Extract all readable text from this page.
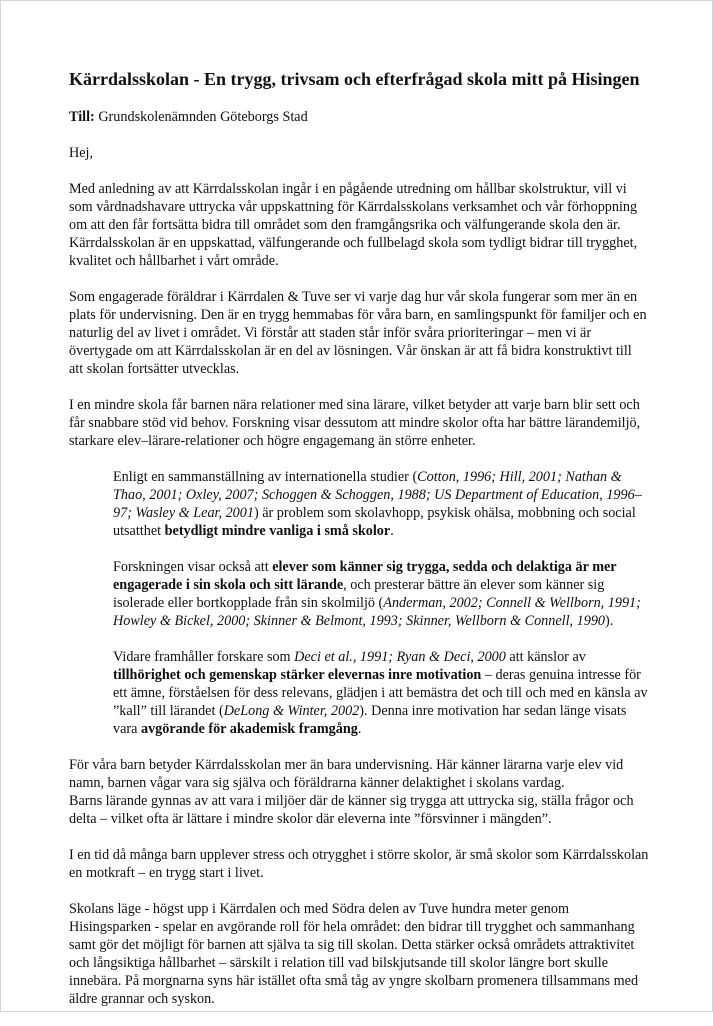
Kärrdalsskolan - En trygg, trivsam och efterfrågad skola mitt på Hisingen

Till: Grundskolenämnden Göteborgs Stad

Hej,

Med anledning av att Kärrdalsskolan ingår i en pågående utredning om hållbar skolstruktur, vill vi som vårdnadshavare uttrycka vår uppskattning för Kärrdalsskolans verksamhet och vår förhoppning om att den får fortsätta bidra till området som den framgångsrika och välfungerande skola den är. Kärrdalsskolan är en uppskattad, välfungerande och fullbelagd skola som tydligt bidrar till trygghet, kvalitet och hållbarhet i vårt område.

Som engagerade föräldrar i Kärrdalen & Tuve ser vi varje dag hur vår skola fungerar som mer än en plats för undervisning. Den är en trygg hemmabas för våra barn, en samlingspunkt för familjer och en naturlig del av livet i området. Vi förstår att staden står inför svåra prioriteringar – men vi är övertygade om att Kärrdalsskolan är en del av lösningen. Vår önskan är att få bidra konstruktivt till att skolan fortsätter utvecklas.

I en mindre skola får barnen nära relationer med sina lärare, vilket betyder att varje barn blir sett och får snabbare stöd vid behov. Forskning visar dessutom att mindre skolor ofta har bättre lärandemiljö, starkare elev–lärare-relationer och högre engagemang än större enheter.

Enligt en sammanställning av internationella studier (Cotton, 1996; Hill, 2001; Nathan & Thao, 2001; Oxley, 2007; Schoggen & Schoggen, 1988; US Department of Education, 1996–97; Wasley & Lear, 2001) är problem som skolavhopp, psykisk ohälsa, mobbning och social utsatthet betydligt mindre vanliga i små skolor.

Forskningen visar också att elever som känner sig trygga, sedda och delaktiga är mer engagerade i sin skola och sitt lärande, och presterar bättre än elever som känner sig isolerade eller bortkopplade från sin skolmiljö (Anderman, 2002; Connell & Wellborn, 1991; Howley & Bickel, 2000; Skinner & Belmont, 1993; Skinner, Wellborn & Connell, 1990).

Vidare framhåller forskare som Deci et al., 1991; Ryan & Deci, 2000 att känslor av tillhörighet och gemenskap stärker elevernas inre motivation – deras genuina intresse för ett ämne, förståelsen för dess relevans, glädjen i att bemästra det och till och med en känsla av ”kall” till lärandet (DeLong & Winter, 2002). Denna inre motivation har sedan länge visats vara avgörande för akademisk framgång.

För våra barn betyder Kärrdalsskolan mer än bara undervisning. Här känner lärarna varje elev vid namn, barnen vågar vara sig själva och föräldrarna känner delaktighet i skolans vardag.

Barns lärande gynnas av att vara i miljöer där de känner sig trygga att uttrycka sig, ställa frågor och delta – vilket ofta är lättare i mindre skolor där eleverna inte ”försvinner i mängden”.

I en tid då många barn upplever stress och otrygghet i större skolor, är små skolor som Kärrdalsskolan en motkraft – en trygg start i livet.

Skolans läge - högst upp i Kärrdalen och med Södra delen av Tuve hundra meter genom Hisingsparken - spelar en avgörande roll för hela området: den bidrar till trygghet och sammanhang samt gör det möjligt för barnen att själva ta sig till skolan. Detta stärker också områdets attraktivitet och långsiktiga hållbarhet – särskilt i relation till vad bilskjutsande till skolor längre bort skulle innebära. På morgnarna syns här istället ofta små tåg av yngre skolbarn promenera tillsammans med äldre grannar och syskon.
